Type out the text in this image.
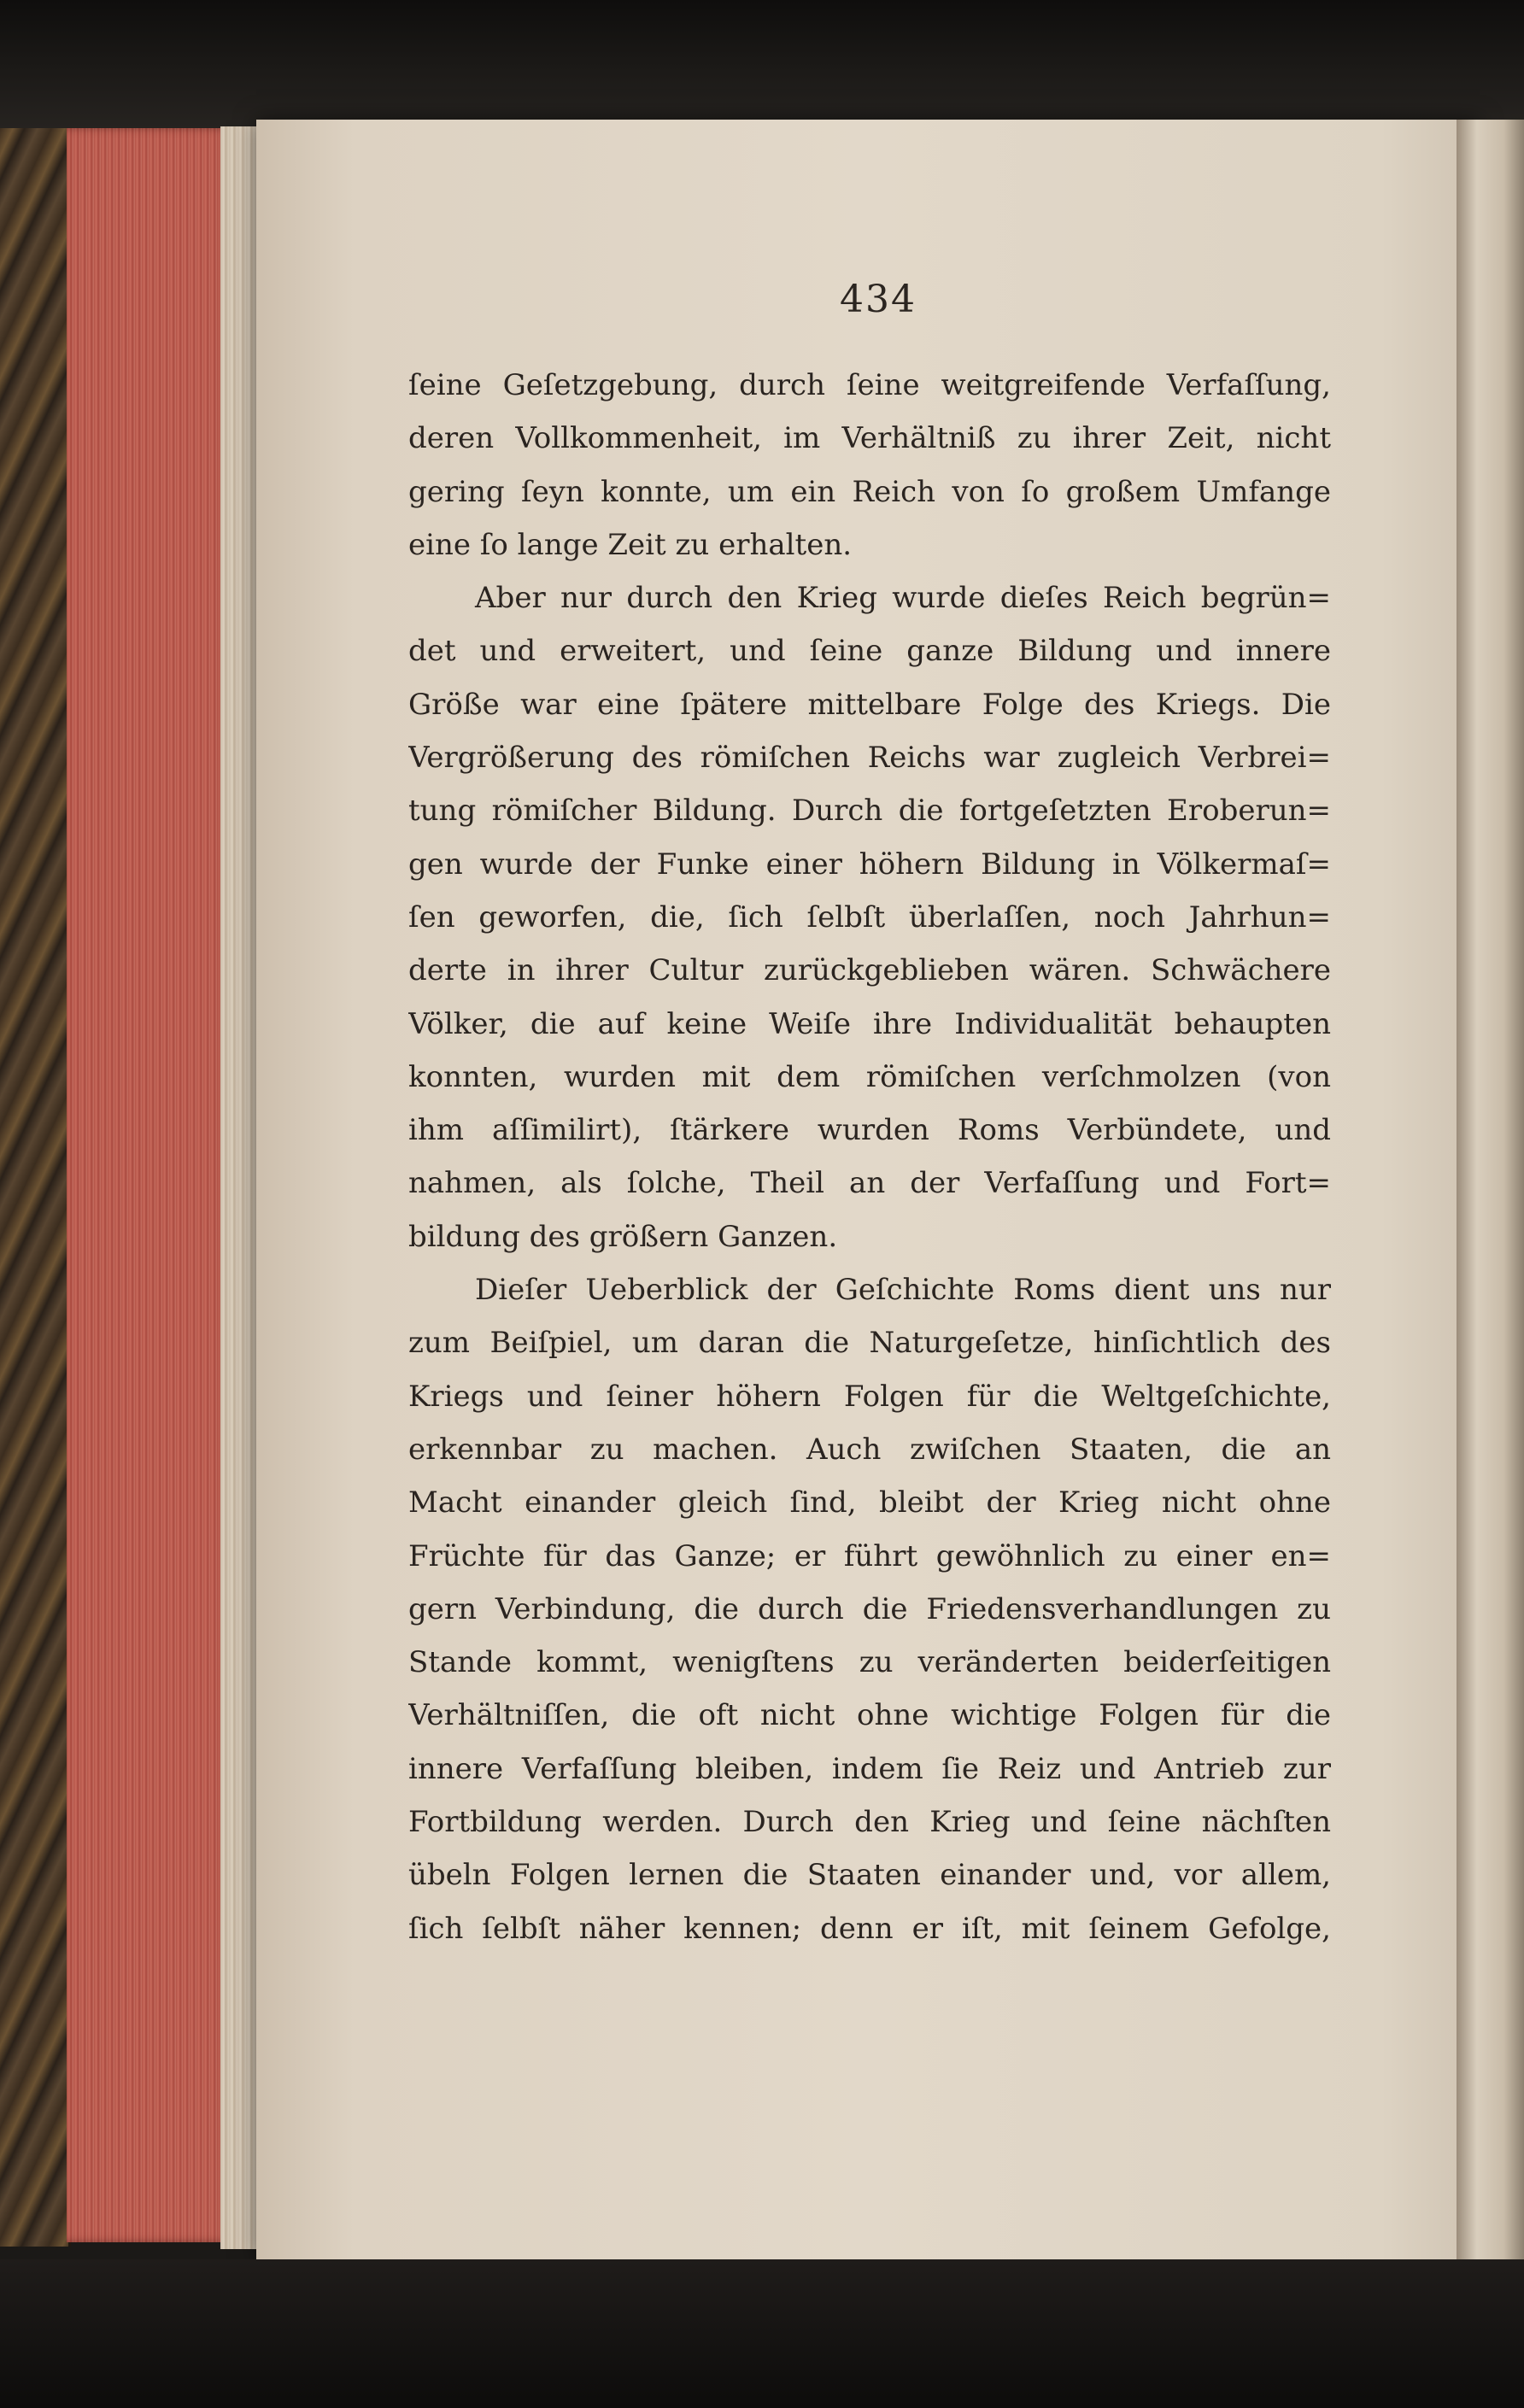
434
ſeine Geſetzgebung, durch ſeine weitgreifende Verfaſſung,
deren Vollkommenheit, im Verhältniß zu ihrer Zeit, nicht
gering ſeyn konnte, um ein Reich von ſo großem Umfange
eine ſo lange Zeit zu erhalten.
Aber nur durch den Krieg wurde dieſes Reich begrün=
det und erweitert, und ſeine ganze Bildung und innere
Größe war eine ſpätere mittelbare Folge des Kriegs. Die
Vergrößerung des römiſchen Reichs war zugleich Verbrei=
tung römiſcher Bildung. Durch die fortgeſetzten Eroberun=
gen wurde der Funke einer höhern Bildung in Völkermaſ=
ſen geworfen, die, ſich ſelbſt überlaſſen, noch Jahrhun=
derte in ihrer Cultur zurückgeblieben wären. Schwächere
Völker, die auf keine Weiſe ihre Individualität behaupten
konnten, wurden mit dem römiſchen verſchmolzen (von
ihm aſſimilirt), ſtärkere wurden Roms Verbündete, und
nahmen, als ſolche, Theil an der Verfaſſung und Fort=
bildung des größern Ganzen.
Dieſer Ueberblick der Geſchichte Roms dient uns nur
zum Beiſpiel, um daran die Naturgeſetze, hinſichtlich des
Kriegs und ſeiner höhern Folgen für die Weltgeſchichte,
erkennbar zu machen. Auch zwiſchen Staaten, die an
Macht einander gleich ſind, bleibt der Krieg nicht ohne
Früchte für das Ganze; er führt gewöhnlich zu einer en=
gern Verbindung, die durch die Friedensverhandlungen zu
Stande kommt, wenigſtens zu veränderten beiderſeitigen
Verhältniſſen, die oft nicht ohne wichtige Folgen für die
innere Verfaſſung bleiben, indem ſie Reiz und Antrieb zur
Fortbildung werden. Durch den Krieg und ſeine nächſten
übeln Folgen lernen die Staaten einander und, vor allem,
ſich ſelbſt näher kennen; denn er iſt, mit ſeinem Gefolge,
